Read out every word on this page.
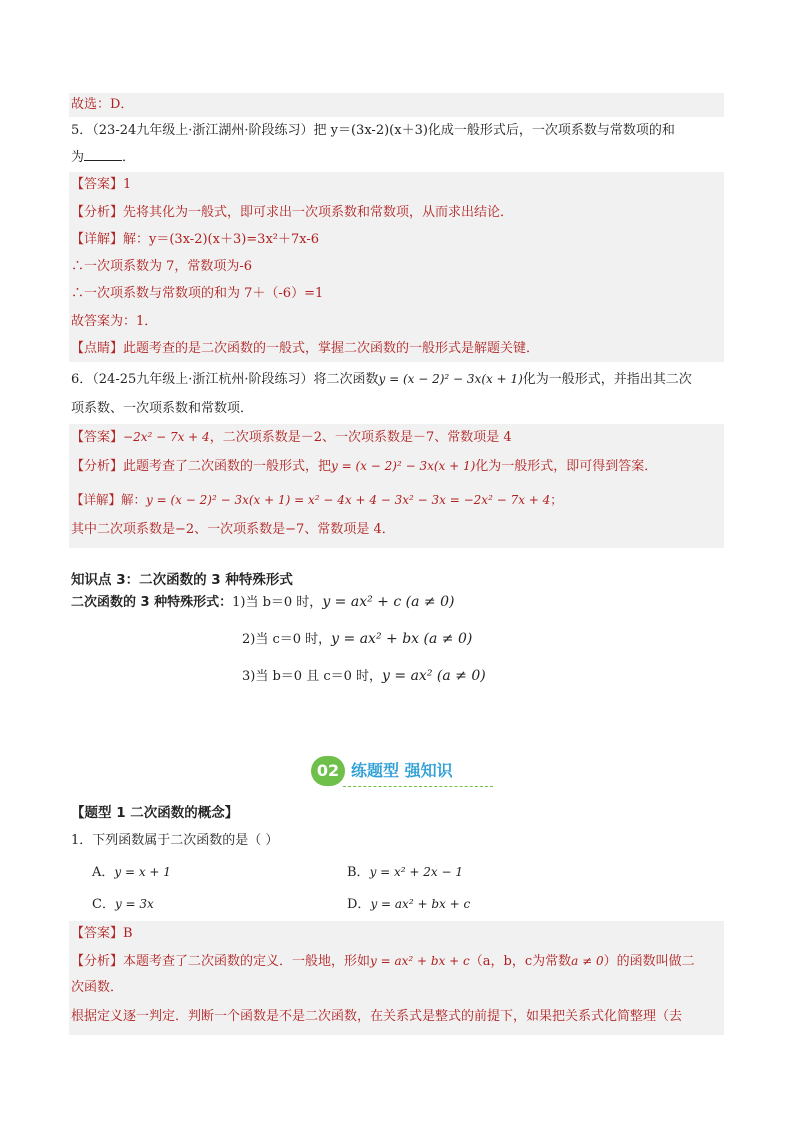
故选：D．
5．（23-24九年级上·浙江湖州·阶段练习）把 y＝(3x-2)(x＋3)化成一般形式后，一次项系数与常数项的和
为	．
【答案】1
【分析】先将其化为一般式，即可求出一次项系数和常数项，从而求出结论．
【详解】解：y＝(3x-2)(x＋3)=3x²＋7x-6
∴一次项系数为 7，常数项为-6
∴一次项系数与常数项的和为 7＋（-6）=1
故答案为：1．
【点睛】此题考查的是二次函数的一般式，掌握二次函数的一般形式是解题关键．
6．（24-25九年级上·浙江杭州·阶段练习）将二次函数y = (x − 2)² − 3x(x + 1)化为一般形式，并指出其二次
项系数、一次项系数和常数项．
【答案】−2x² − 7x + 4，二次项系数是－2、一次项系数是－7、常数项是 4
【分析】此题考查了二次函数的一般形式，把y = (x − 2)² − 3x(x + 1)化为一般形式，即可得到答案．
【详解】解：y = (x − 2)² − 3x(x + 1) = x² − 4x + 4 − 3x² − 3x = −2x² − 7x + 4；
其中二次项系数是−2、一次项系数是−7、常数项是 4．
知识点 3：二次函数的 3 种特殊形式
二次函数的 3 种特殊形式：1)当 b＝0 时，y = ax² + c (a ≠ 0)
2)当 c＝0 时，y = ax² + bx (a ≠ 0)
3)当 b＝0 且 c＝0 时，y = ax² (a ≠ 0)
02 练题型 强知识
【题型 1 二次函数的概念】
1．下列函数属于二次函数的是（ ）
A．y = x + 1	B．y = x² + 2x − 1
C．y = 3x	D．y = ax² + bx + c
【答案】B
【分析】本题考查了二次函数的定义．一般地，形如y = ax² + bx + c（a，b，c为常数a ≠ 0）的函数叫做二
次函数．
根据定义逐一判定．判断一个函数是不是二次函数，在关系式是整式的前提下，如果把关系式化简整理（去
